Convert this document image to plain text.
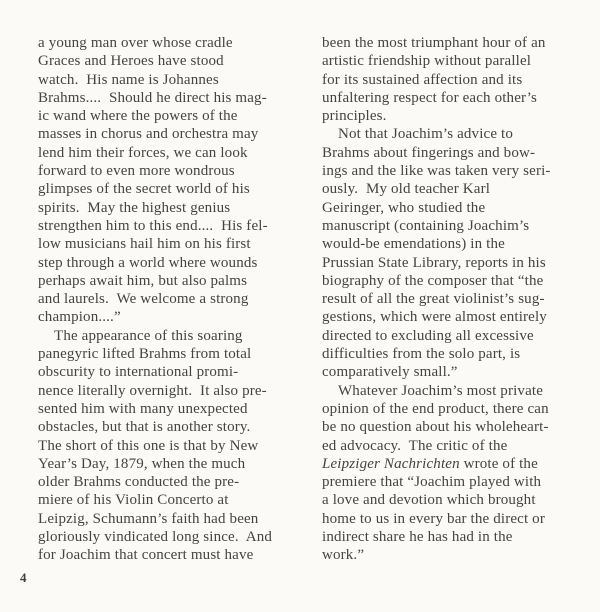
a young man over whose cradle
Graces and Heroes have stood
watch.  His name is Johannes
Brahms....  Should he direct his mag-
ic wand where the powers of the
masses in chorus and orchestra may
lend him their forces, we can look
forward to even more wondrous
glimpses of the secret world of his
spirits.  May the highest genius
strengthen him to this end....  His fel-
low musicians hail him on his first
step through a world where wounds
perhaps await him, but also palms
and laurels.  We welcome a strong
champion....”
The appearance of this soaring
panegyric lifted Brahms from total
obscurity to international promi-
nence literally overnight.  It also pre-
sented him with many unexpected
obstacles, but that is another story.
The short of this one is that by New
Year’s Day, 1879, when the much
older Brahms conducted the pre-
miere of his Violin Concerto at
Leipzig, Schumann’s faith had been
gloriously vindicated long since.  And
for Joachim that concert must have
been the most triumphant hour of an
artistic friendship without parallel
for its sustained affection and its
unfaltering respect for each other’s
principles.
Not that Joachim’s advice to
Brahms about fingerings and bow-
ings and the like was taken very seri-
ously.  My old teacher Karl
Geiringer, who studied the
manuscript (containing Joachim’s
would-be emendations) in the
Prussian State Library, reports in his
biography of the composer that “the
result of all the great violinist’s sug-
gestions, which were almost entirely
directed to excluding all excessive
difficulties from the solo part, is
comparatively small.”
Whatever Joachim’s most private
opinion of the end product, there can
be no question about his wholeheart-
ed advocacy.  The critic of the
Leipziger Nachrichten wrote of the
premiere that “Joachim played with
a love and devotion which brought
home to us in every bar the direct or
indirect share he has had in the
work.”
4
